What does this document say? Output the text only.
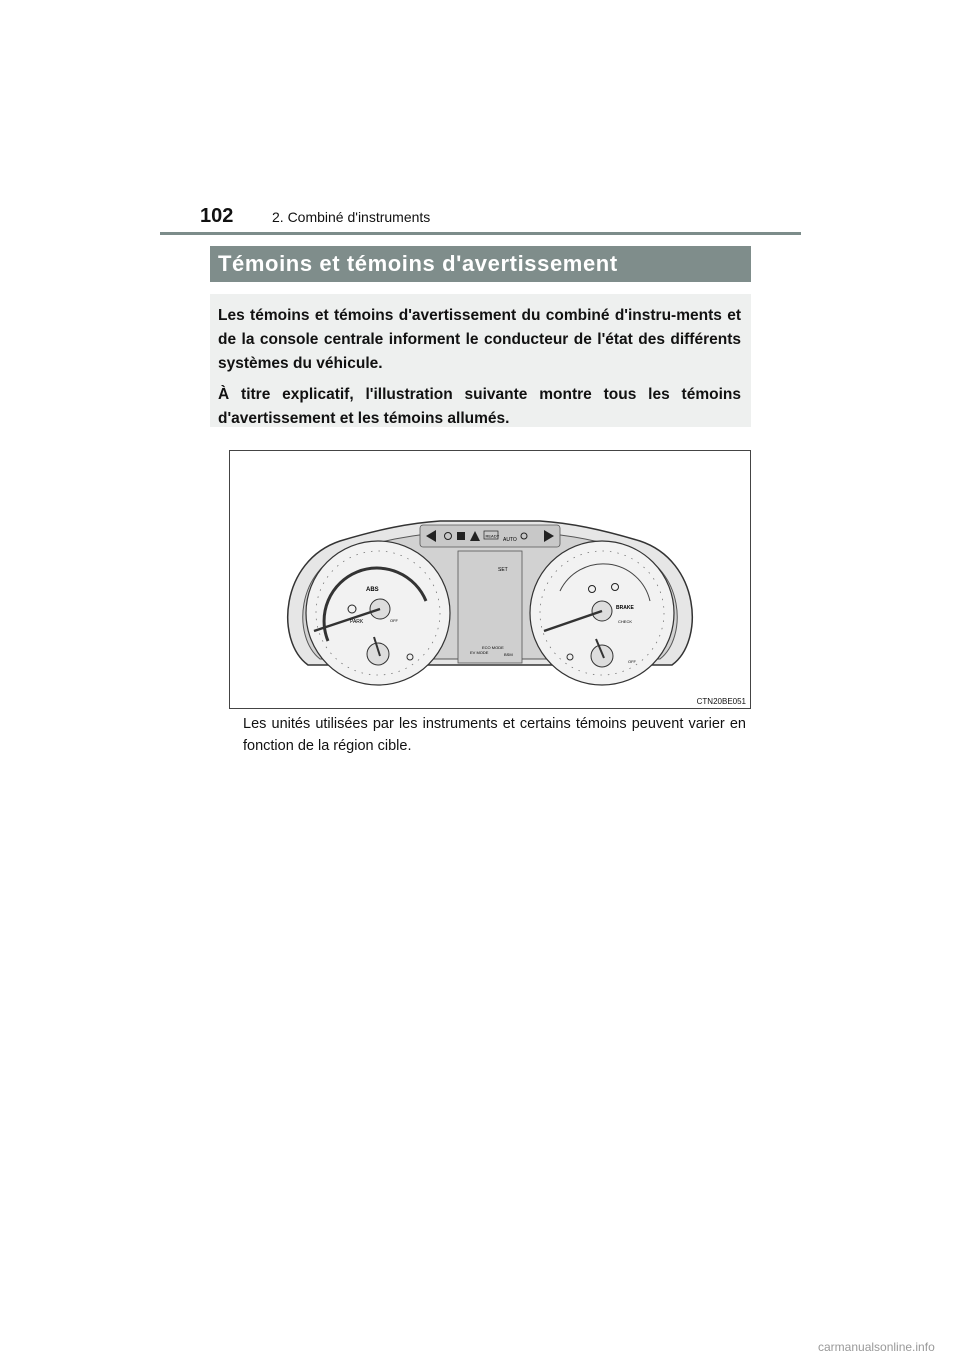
102	2. Combiné d'instruments
Témoins et témoins d'avertissement

Les témoins et témoins d'avertissement du combiné d'instru-ments et de la console centrale informent le conducteur de l'état des différents systèmes du véhicule.

À titre explicatif, l'illustration suivante montre tous les témoins d'avertissement et les témoins allumés.

READY
AUTO
SET
EV MODE
ECO MODE
BSM
ABS
PARK	OFF
BRAKE
CHECK
OFF
CTN20BE051
Les unités utilisées par les instruments et certains témoins peuvent varier en fonction de la région cible.
carmanualsonline.info
